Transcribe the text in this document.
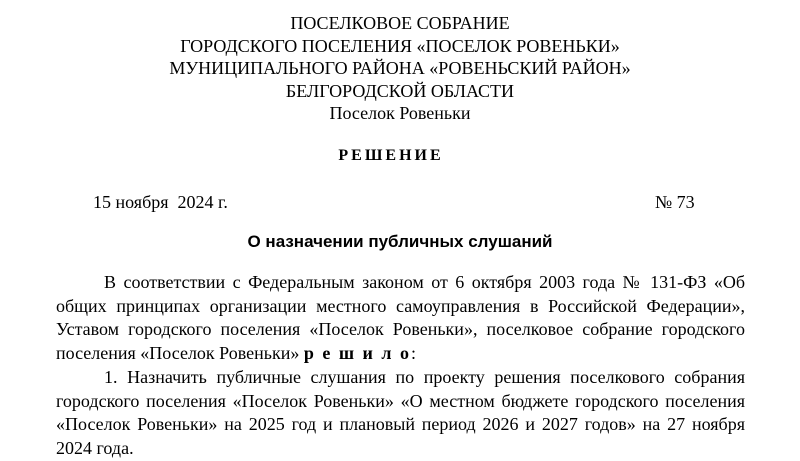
ПОСЕЛКОВОЕ СОБРАНИЕ
ГОРОДСКОГО ПОСЕЛЕНИЯ «ПОСЕЛОК РОВЕНЬКИ»
МУНИЦИПАЛЬНОГО РАЙОНА «РОВЕНЬСКИЙ РАЙОН»
БЕЛГОРОДСКОЙ ОБЛАСТИ
Поселок Ровеньки
РЕШЕНИЕ
15 ноября  2024 г.	№ 73
О назначении публичных слушаний

В соответствии с Федеральным законом от 6 октября 2003 года № 131-ФЗ «Об общих принципах организации местного самоуправления в Российской Федерации», Уставом городского поселения «Поселок Ровеньки», поселковое собрание городского поселения «Поселок Ровеньки» р е ш и л о:

1. Назначить публичные слушания по проекту решения поселкового собрания городского поселения «Поселок Ровеньки» «О местном бюджете городского поселения «Поселок Ровеньки» на 2025 год и плановый период 2026 и 2027 годов» на 27 ноября 2024 года.
